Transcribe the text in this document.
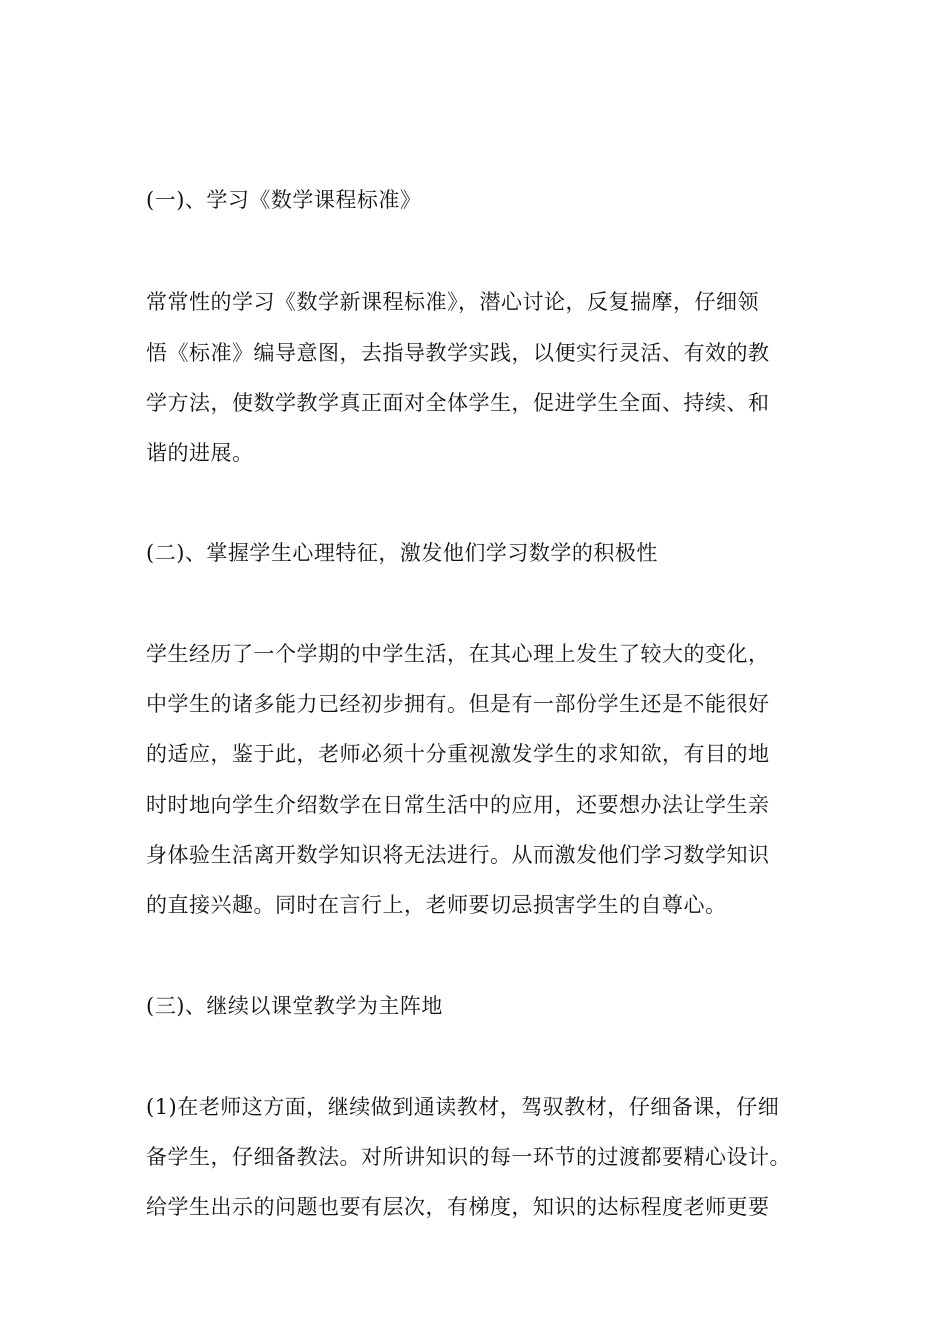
(一)、学习《数学课程标准》
常常性的学习《数学新课程标准》，潜心讨论，反复揣摩，仔细领
悟《标准》编导意图，去指导教学实践，以便实行灵活、有效的教
学方法，使数学教学真正面对全体学生，促进学生全面、持续、和
谐的进展。
(二)、掌握学生心理特征，激发他们学习数学的积极性
学生经历了一个学期的中学生活，在其心理上发生了较大的变化，
中学生的诸多能力已经初步拥有。但是有一部份学生还是不能很好
的适应，鉴于此，老师必须十分重视激发学生的求知欲，有目的地
时时地向学生介绍数学在日常生活中的应用，还要想办法让学生亲
身体验生活离开数学知识将无法进行。从而激发他们学习数学知识
的直接兴趣。同时在言行上，老师要切忌损害学生的自尊心。
(三)、继续以课堂教学为主阵地
(1)在老师这方面，继续做到通读教材，驾驭教材，仔细备课，仔细
备学生，仔细备教法。对所讲知识的每一环节的过渡都要精心设计。
给学生出示的问题也要有层次，有梯度，知识的达标程度老师更要
